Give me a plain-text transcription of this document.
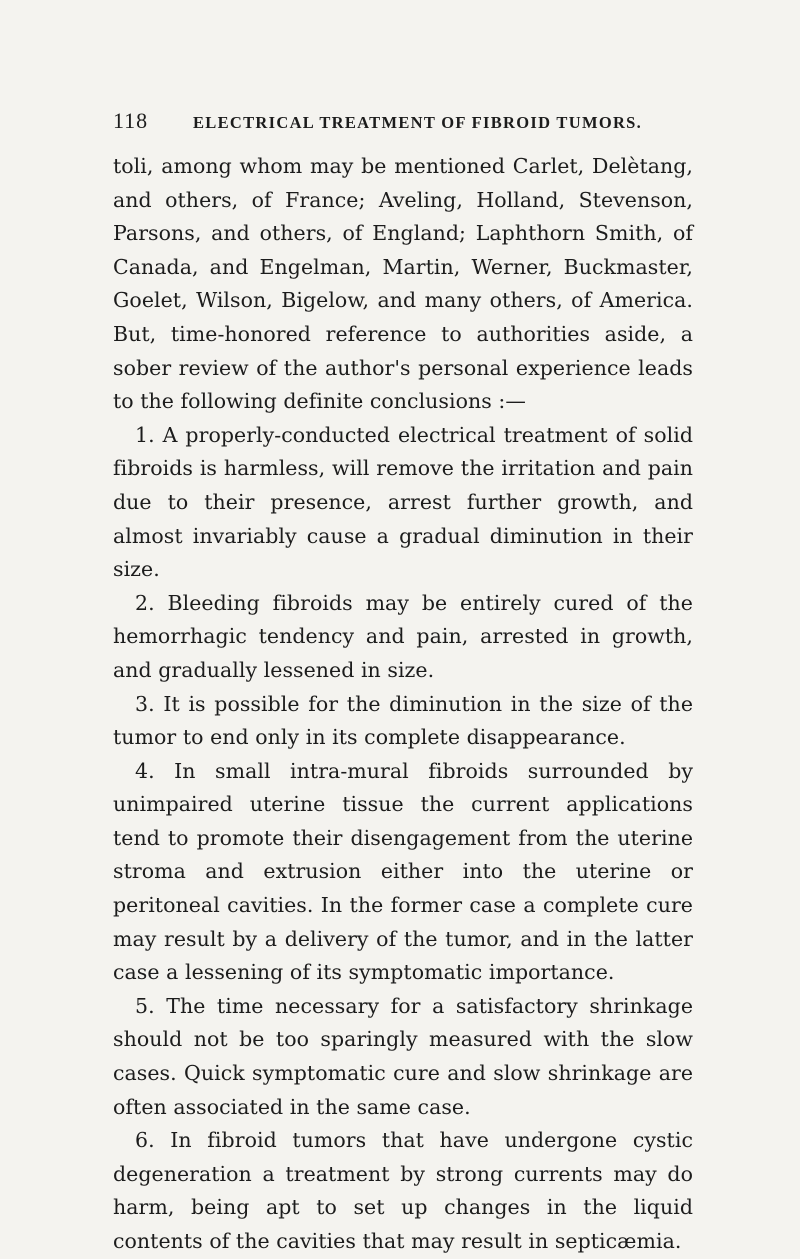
118	ELECTRICAL TREATMENT OF FIBROID TUMORS.

toli, among whom may be mentioned Carlet, Delètang, and others, of France; Aveling, Holland, Stevenson, Parsons, and others, of England; Laphthorn Smith, of Canada, and Engelman, Martin, Werner, Buckmaster, Goelet, Wilson, Bigelow, and many others, of America. But, time-honored reference to authorities aside, a sober review of the author's personal experience leads to the following definite conclusions :—

1. A properly-conducted electrical treatment of solid fibroids is harmless, will remove the irritation and pain due to their presence, arrest further growth, and almost invariably cause a gradual diminution in their size.

2. Bleeding fibroids may be entirely cured of the hemorrhagic tendency and pain, arrested in growth, and gradually lessened in size.

3. It is possible for the diminution in the size of the tumor to end only in its complete disappearance.

4. In small intra-mural fibroids surrounded by unimpaired uterine tissue the current applications tend to promote their disengagement from the uterine stroma and extrusion either into the uterine or peritoneal cavities. In the former case a complete cure may result by a delivery of the tumor, and in the latter case a lessening of its symptomatic importance.

5. The time necessary for a satisfactory shrinkage should not be too sparingly measured with the slow cases. Quick symptomatic cure and slow shrinkage are often associated in the same case.

6. In fibroid tumors that have undergone cystic degeneration a treatment by strong currents may do harm, being apt to set up changes in the liquid contents of the cavities that may result in septicæmia.
